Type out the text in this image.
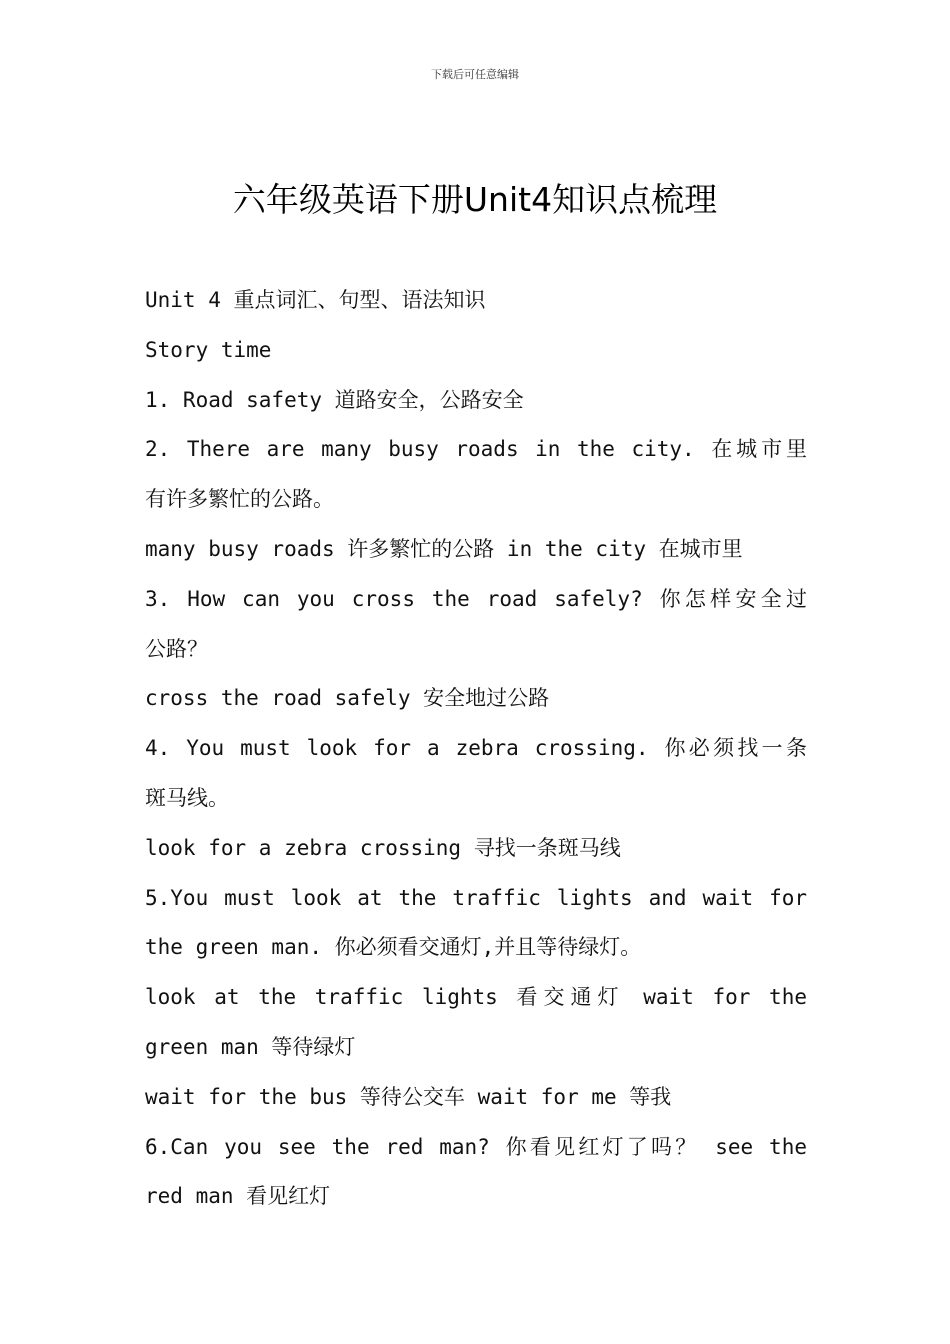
下载后可任意编辑
六年级英语下册Unit4知识点梳理
Unit 4 重点词汇、句型、语法知识
Story time
1. Road safety 道路安全，公路安全
2. There are many busy roads in the city. 在城市里
有许多繁忙的公路。
many busy roads 许多繁忙的公路 in the city 在城市里
3. How can you cross the road safely? 你怎样安全过
公路？
cross the road safely 安全地过公路
4. You must look for a zebra crossing. 你必须找一条
斑马线。
look for a zebra crossing 寻找一条斑马线
5.You must look at the traffic lights and wait for
the green man. 你必须看交通灯,并且等待绿灯。
look at the traffic lights 看交通灯 wait for the
green man 等待绿灯
wait for the bus 等待公交车 wait for me 等我
6.Can you see the red man? 你看见红灯了吗？ see the
red man 看见红灯
